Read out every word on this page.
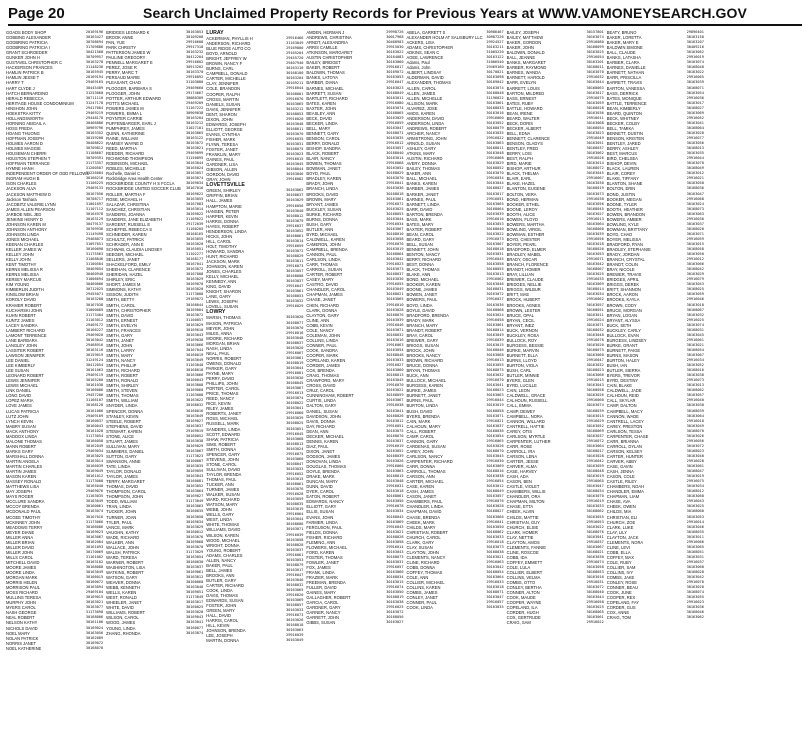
Page 20	Search Unclaimed Property Records for Previous Years at WWW.VAMONEYSEARCH.GOV
GOADS BODY SHOP	20169196
GOBBING ALEXANDER	30163427
GODBRING PATRICIA	30708694
GODBRING PATRICIA I	31709886
GRANT SCHROEDER	30421568
GUNKER JOHN H	30709957
GUSTAVEL CHRISTOPHER C	30163278
HACKERSON FRANCES	31148236
HAMLIN PATRICK B	30165945
HAMLIN JESSE T	20169194
HARRY T	29469165
HART CLYDE J	30445409
HATCH BERNARDINO	31253060
HERALD REBECCA	30711110
HERITAGE HOUSE CONDOMINIUM	31247178
HINSHON JOHN	29417084
HOEKSTRA KITTY	29469219
HOLLANDSWORTH	29448178
HORNING ABIGAIL A	30466886
HOSS FREDA	30969796
HOANG THUONG	30163352
HOFFMAN JOSEPH	30159208
HOLMES AARON D	30408622
HOLMES MAGGIE	30709812
HOUSEMAN CHERRI	31108607
HOUSTON STEPHEN T	30709391
HOFFMAN TERRANCE	31173357
HYMNE HANH	31200507
INDEPENDENT ORDER OF ODD FELLOWS
31226084
INGRAM HUGH B	30166216
ISON CHARLES	31106225
JACKSON ALVA	29469133
JACKSON MATTHEW D	30167056
Jackson Tashara	30708717
JACOBITZ VALERIE LYNN	31001697
JAMES ALLEN PEARSON	31107112
JARBOE NEIL JED	30164978
JENKINS HENRY D	30163129
JOHNSON KAREN M	30479137
JOHNSON ANTHONY	30709936
JOHNSON LINDA	31149498
JONES MICHAEL	29468873
KEENAN CHARLES	31097651
KELLER JAMES W	30160098
KELLEY JOHN	31175563
KELLY JOHN	31468846
KENT TIMOTHY	31100504
KERNS MELISSA R	30469054
KERNS MELISSA	30460940
KERSEY MARCUS	31006694
KIM YOUNG	30460006
KIMBERLIN JUDITH	30712025
KINSLOW BRIAN	29455071
KOROLY DAVID	30163208
KRAMER ROBERT	30167038
KUCHARSKI JOHN	31000089
KUHN ROBERT	31173404
KUNTZ JAMES	31163012
LACEY SANDRA	29469172
LAMBERT RICHARD	30166227
LAMONT TERRENCE	29469020
LANE BARBARA	30163042
LANGLEY JOHN	29468916
LASSITER ROBERT	30163116
LAWSON JENNIFER	30159019
LEE DANIEL	31249124
LEE KIMBERLY	30412054
LEE SUSAN	30161063
LEONARD ROBERT	29469119
LEWIS JENNIFER	30165200
LEWIS MICHAEL	30161038
LINK DANIEL	30166006
LONG DAVID	29457206
LOPEZ MARIA	31166107
LOVE JAMES	30168128
LUCAS PATRICIA	30161006
LUTZ JOHN	29469109
LYNCH KEVIN	30160037
MABRY SUSAN	30160043
MACK ANTHONY	30161028
MADDOX LINDA	31173054
MALONE THOMAS	30166058
MANN ROBERT	30162049
MARKS GARY	29469034
MARSHALL DONNA	30163025
MARTIN ANGELA	30163014
MARTIN CHARLES	30166039
MARTIN JAMES	30169049
MASON KAREN	30161012
MASSEY RONALD	31173008
MATTHEWS LISA	30165040
MAY JOSEPH	29469076
MAYS ROGER	31163035
MCCLURE SANDRA	30163049
MCCOY BRENDA	30160061
MCDONALD PAUL	30163074
MCGEE TIMOTHY	30167016
MCKINNEY JOHN	31173066
MEADOWS TERRY	30166086
MEYER DIANE	30169023
MILLER ANNA	30163067
MILLER BRIAN	30162004
MILLER DAVID	30161093
MILLER JOHN	30170069
MILLS CAROL	31161002
MITCHELL DAVID	30163102
MOORE JAMES	30168080
MOORE LINDA	30163049
MORGAN MARK	30166015
MORRIS HELEN	30160072
MORRISON PAUL	30163094
MOSS RICHARD	29469104
MULLINS TERESA	30169015
MURPHY JOHN	30163021
MYERS CAROL	30163077
NASH GEORGE	31173090
NEAL ROBERT	30168006
NELSON KATHY	30161106
NICHOLS DAVID	30169024
NOEL MARY	30163056
NOLAN PATRICK	30162089
NORRIS JANET	30169072
NOEL KATHERINE	30168078
BRIDGES LEONARD K	30163053
BROOK ANNE	30109208
PAN, YUE	29916608
PARK CHRISTY	29917318
PATTERSON JAMES W	30163232
PAULINE GREGORY	30412204
PENNELL MARGARET E	29916602
PEREZ, JOSE R	30913202
PERRY, MARC T	30163370
PERSAUD MARIE	29916092
PLEASANT, CHAD	31103080
PLOGGER, BARBARA S	29469660
PLOGGER, JOHN	29174667
POTTER, ARTHUR EDWARD	30080309
POTTS MICHAEL	29469209
POWERS JAMES M	31167222
POWERS, EMMA L	30909038
POYNTER CARRIE	30163204
PUFFENBARGER, EARL J	30163212
PUMPHREY, JAMES	31027101
QUINN, KATHERINE	30163065
RAINE, WILLIAM	30163122
RAMSEY WAYNE D	30163072
REED, MARTHA	30163021
REEDER, RICHARD	29469099
RICHMOND THOMPSON	31150895
ROBINSON, MICHAEL	30163044
ROBLES, MICHELLE	30165024
Rochelle, Daniel C	30163057
Rockbridge Area Health Center	30163074
ROCKBRIDGE COUNTY H S FCCLA	30169034
ROCKBRIDGE UNITED SOCCER CLUB 30167016
ROLLER, MARTHA F	30169022
ROSE, MICHAEL H	30163055
SALAZAR, CHRISTINA	30167083
SANCHEZ, CHRISTIAN	30163014
SANDERS, JOANNA	30169022
SANDERS, JANE ELIZABETH	31169022
SARGENT, RUSSELL E	29172039
SCHEFFEL REBECCA S	31160205
SCHNEIDER, KAREN	30168165
SCHULTZ, PATRICK	30163055
SCHRADER, ANN E	30163020
SCHWAB, CLAUDIA LINDSEY	30165051
SEEGER, MICHAEL	31102277
SELLERS, JANET	30168177
SHACKELFORD, EMILY	30167041
SHEEHAN, CLARENCE	30163072
SHERIDAN, HAZEL	30167008
SHIRLEY, ERIC	30163029
SHORT, JAMES M	30169070
SIMMONS, KATHY	30163020
SISSON, JUDITH	31173008
SMITH, BETTY	29169072
SMITH, CAROL	30168044
SMITH, CHRISTOPHER	30169004
SMITH, DAVID	30163072
SMITH, ERNEST	31160057
SMITH, EVELYN	30163029
SMITH, FRANCES	30169010
SMITH, GARY	30163043
SMITH, JANET	29169038
SMITH, JOHN	30163066
SMITH, LARRY	30167044
SMITH, MARY	30160019
SMITH, NANCY	30163049
SMITH, PHILLIP	31163040
SMITH, RICHARD	30168018
SMITH, ROBERT	30163066
SMITH, RONALD	30160043
SMITH, SHIRLEY	30163008
SMITH, STEVEN	30169060
SMITH, THOMAS	31163008
SMITH, WILLIAM	30163022
SNYDER, LINDA	30168032
SPENCER, DONNA	30160016
STANLEY, KEVIN	30163049
STEELE, ROBERT	30169027
STEPHENS, DAVID	30163037
STEWART, KAREN	29169019
STONE, ALICE	30160052
STUART, JAMES	30163038
SULLIVAN, MARY	30169029
SUMMERS, DANIEL	30163067
SUTTON, GARY	31173023
SWANSON, ANNE	30160007
TATE, LINDA	30163035
TAYLOR, DONALD	30169059
TAYLOR, JAMES	30163043
TERRY, MARGARET	30160081
THOMAS, DAVID	30163052
THOMPSON, CAROL	30163064
THOMPSON, JOHN	30169027
TODD, WILLIAM	31173049
TRAN, LINDA	30163063
TUCKER, JOHN	30160035
TURNER, JOAN	30163058
TYLER, PAUL	30169034
VANCE, MARK	30163029
VAUGHN, KATHY	30160012
WADE, RICHARD	30163076
WALKER, ANN	30169068
WALLACE, JOHN	30163070
WALSH, PATRICK	31173029
WARD, TERESA	30163054
WARNER, ROBERT	30160030
WASHINGTON, LISA	30163037
WATKINS, ROBERT	30169061
WATSON, GARY	30163012
WEAVER, DONNA	30160068
WEBB, KENNETH	30163046
WELLS, KAREN	30169051
WEST, RONALD	31173049
WHEELER, JANET	30163017
WHITE, DAVID	30160025
WILLIAMS, ROBERT	30163028
WILSON, CAROL	30169043
WOOD, JAMES	30163041
YOUNG, LINDA	30160077
ZHANG, RHONDA	30163074
LURAY
ACKERMAN, PHYLLIS H	29916466
ANDERSON, RICHARD	31163049
BLUE RIDGE AUTO CO	29169000
BOYD, ARNOLD	29165204
BRIGHT, JEFFREY W	29455720
BROWN, NANCY F	29407940
BURNS, CARL	30163110
CAMPBELL, DONALD	30168100
CARTER, MICHELLE	30163204
CLAY, JENNIFER	30169211
COLE, BRANDON	29916044
COOPER, RALPH	30168001
CROSS, MARTIN	29916076
DANIELS, SUSAN	30163065
DAVIS, JENNIFER	30163212
DENT, SHARON	30168053
DIXON, JOHN	29916020
EDWARDS, JOSEPH	30163048
ELLIOTT, GEORGE	30168011
EVANS, CYNTHIA	30163070
FISHER, MARK	29916035
FLYNN, TERESA	30163031
FOSTER, JANET	30168075
FRANKLIN, MARY	30163023
GAINES, PAUL	29916015
GARDNER, LISA	30163045
GIBSON, ALLEN	30168044
GORDON, DAVID	30163046
GRAY, JOHN	29916082
LOVETTSVILLE
GREEN, SHIRLEY	30163062
GRIFFIN, BRIAN	30168037
HALL, JAMES	30163029
HAMPTON, MARIE	29916056
HANSEN, PETER	30163040
HARPER, KEVIN	30168012
HARRIS, DONNA	30163079
HAYES, ROBERT	29916037
HENDERSON, LINDA	30163052
HICKS, JOHN	30168061
HILL, CAROL	30163014
HOLT, TIMOTHY	29916059
HOWARD, SANDRA	30163072
HUNT, RICHARD	30168029
JACKSON, MARK	30163011
JOHNSON, KAREN	29916073
JONES, CHARLES	30163057
KELLY, MICHAEL	30168008
KENNEDY, ANN	30163037
KING, DAVID	29916047
KNIGHT, SHARON	30163061
LANE, GARY	30168053
LEWIS, JOSEPH	30163032
LOVELL, SUSAN	29916029
LOWRY
MARSH, THOMAS	30163020
MASON, PATRICIA	30168077
MEYER, JOHN	30163070
MILES, ANNA	29916016
MOORE, RICHARD	30163048
MORGAN, BRIAN	30168037
NASH, LINDA	30163020
NEAL, PAUL	29916067
NORRIS, ROBERT	30163061
OWENS, DONALD	30168019
PARKER, GARY	30163044
PAYNE, MARY	29916081
PERRY, DAVID	30163030
PHILLIPS, JOHN	30168045
PORTER, CAROL	30163067
PRICE, THOMAS	29916013
REED, NANCY	30163074
RICE, KEVIN	30168022
RILEY, JAMES	30163041
ROBERTS, JANET	29916060
ROSS, MICHAEL	30163039
RUSSELL, MARK	30168025
SANDERS, LINDA	30163051
SCOTT, EDWARD	29916045
SHAW, PATRICIA	30163068
SIMS, ROBERT	30168013
SMITH, DONNA	30163024
SPENCER, GARY	29916075
STEVENS, JOHN	30163060
STONE, CAROL	30168047
SULLIVAN, DAVID	30163033
TAYLOR, BRENDA	29916052
THOMAS, PAUL	30163015
TUCKER, ANN	30168061
TURNER, JAMES	30163076
WALKER, SUSAN	29916028
WARD, RICHARD	30163059
WATSON, MARY	30168035
WEBB, JOHN	30163019
WELLS, GARY	29916064
WEST, LINDA	30163044
WHITE, THOMAS	30168006
WILLIAMS, DAVID	30163071
WILSON, KAREN	29916039
WOOD, MICHAEL	30163058
WRIGHT, DONNA	30168028
YOUNG, ROBERT	30163037
ADAMS, CHARLES	29916061
ALLEN, NANCY	30163053
BAKER, PAUL	30168079
BELL, JAMES	30163017
BROOKS, ANN	29916047
BUTLER, GARY	30163046
CARTER, RICHARD	30168032
COOK, LINDA	30163065
DAVIS, THOMAS	29916020
EDWARDS, SUSAN	30163069
FOSTER, JOHN	30168057
GREEN, MARY	30163033
HALL, DAVID	29916073
HARRIS, CAROL	30163026
HILL, KEVIN	30168018
JOHNSON, BRENDA	30163063
LEE, JOSEPH	29916039
MARTIN, DONNA	30163049
AMDEN, HERMAN J	29998726
ANDREWS, CHRISTINA	30017968
ARNDT, ALEXANDRIA	30468903
ARRIS CAMILLE	29915030
ATKINSON, MARGARET	30163022
AUSTIN CHRISTOPHER	30164083
BAILEY, BRIDGET	30163060
BAKER, ROBERT	29916017
BALDWIN, THOMAS	30169072
BANKS, LATOYA	30163053
BARBER, DIANA	29916047
BARNES, MICHAEL	30163023
BARRETT, SUSAN	30168049
BARTLETT, RICHARD	30163011
BATES, KAREN	29916080
BAXTER, JOHN	30163074
BEASLEY, ANN	30168065
BECK, DAVID	30163029
BECKER, LINDA	29916059
BELL, MARY	30163047
BENNETT, GARY	30168071
BENSON, CAROL	30163035
BERRY, DONALD	29916012
BISHOP, SANDRA	30163057
BLACK, ROBERT	30168040
BLAIR, NANCY	30163014
BOWEN, THOMAS	29916068
BOWMAN, JANET	30163052
BOYD, PAUL	30168029
BRADLEY, KAREN	30163070
BRADY, JOHN	29916041
BRANCH, LINDA	30163036
BROOKS, DAVID	30168018
BROWN, MARY	30163061
BRYANT, JAMES	29916072
BUCKLEY, SUSAN	30163025
BURKE, RICHARD	30168053
BURNS, DONNA	30163044
BUSH, GARY	29916034
BUTLER, ANN	30163067
BYRD, MICHAEL	30168010
CALDWELL, KAREN	30163058
CAMERON, JOHN	29916076
CAMPBELL, BRENDA	30163019
CANNON, PAUL	30168064
CARLSON, LINDA	30163042
CARR, THOMAS	29916023
CARROLL, SUSAN	30163073
CARTER, ROBERT	30168037
CASEY, MARY	30163030
CASTRO, DAVID	29916055
CHANDLER, CAROL	30163049
CHAPMAN, JAMES	30168021
CHASE, JANET	30163065
CHEN, RICHARD	29916010
CLARK, DONNA	30163028
CLAYTON, GARY	30168076
CLINE, ANN	30163039
COBB, KEVIN	29916046
COLE, NANCY	30163071
COLEMAN, JOHN	30168032
COLLINS, LINDA	30163016
CONNER, PAUL	29916063
COOK, SANDRA	30163054
COOPER, MARK	30168048
COPELAND, KAREN	30163033
CORDER, JAMES	29916027
COX, BRENDA	30163060
CRAIG, THOMAS	30168013
CRAWFORD, MARY	30163045
CROSS, DAVID	29916070
CRUZ, CAROL	30163022
CUNNINGHAM, ROBERT	30168059
CURTIS, LINDA	30163067
DALTON, GARY	29916038
DANIEL, SUSAN	30163041
DAVIDSON, JOHN	30168026
DAVIS, DONNA	30163012
DAY, RICHARD	29916051
DEAN, ANN	30163075
DECKER, MICHAEL	30168070
DENNIS, KAREN	30163037
DIAZ, PAUL	29916019
DIXON, JANET	30163052
DODSON, JAMES	30168039
DONOVAN, LINDA	30163026
DOUGLAS, THOMAS	29916066
DOYLE, BRENDA	30163063
DRAKE, MARK	30168015
DUNCAN, MARY	30163048
DUNN, DAVID	29916031
DYER, CAROL	30163018
EATON, ROBERT	30168061
EDWARDS, NANCY	30163056
ELLIOTT, GARY	29916078
ELLIS, SUSAN	30163034
EVANS, JOHN	30168045
FARMER, LINDA	30163069
FERGUSON, PAUL	29916043
FIELDS, DONNA	30163021
FISHER, RICHARD	30168028
FLEMING, ANN	30163058
FLOWERS, MICHAEL	29916014
FORD, KAREN	30163043
FOSTER, THOMAS	30168073
FOWLER, JANET	30163031
FOX, JAMES	29916057
FRANK, LINDA	30163066
FRAZIER, MARK	30168034
FREEMAN, BRENDA	30163015
FULLER, DAVID	29916074
GAINES, MARY	30163050
GALLAGHER, ROBERT	30168019
GARCIA, CAROL	30163038
GARDNER, GARY	29916025
GARNER, NANCY	30163072
GARRETT, JOHN	30168056
GIBBS, SUSAN	30163027
ABELA, GARRETT S	30986467
ALEXANDER HOLM AT SALISBURY LLC 30987226
ACKERS, LISA	29924527
ADAMS, CHRISTOPHER	30163211
ADKINS, SEAN C	31005220
AGEE, LAWRENCE	30163122
Adams, Paul	31006540
Adams, John	29469160
ALBERT, LINDSAY	30170021
ALDERMAN, DAVID	30163098
ALEXANDER, THOMAS	30169042
ALLEN, CAROL	30163074
ALLEN, JAMES	30168048
ALLEN, MICHELLE	31196022
ALLISON, MARK	30163061
ALVAREZ, JOSE	30168033
AMOS, KAREN	30163016
ANDERSON, DAVID	29916060
ANDERSON, LINDA	30163052
ANDREWS, ROBERT	30168079
ARCHER, NANCY	30163035
ARMSTRONG, JOHN	29916022
ARNOLD, SUSAN	30163063
ASHLEY, GARY	30168011
ATKINS, MARY	30163048
AUSTIN, RICHARD	29916068
AVERY, DONNA	30163029
BAILEY, THOMAS	30168052
BAKER, ANN	30163070
BALL, MICHAEL	29916034
BANKS, KAREN	30163044
BARBER, JAMES	30168027
BARKER, JANET	30163017
BARNES, PAUL	29916051
BARNETT, LINDA	30163065
BARR, DAVID	30168064
BARTON, BRENDA	30163039
BASS, MARK	29916016
BATES, MARY	30163053
BAXTER, ROBERT	30168040
BEAN, CAROL	30163022
BEARD, GARY	29916073
BELL, SUSAN	30163067
BENNETT, JOHN	30168018
BENTON, NANCY	30163031
BERRY, RICHARD	29916045
BEST, DONNA	30163058
BLACK, THOMAS	30168055
BLAKE, ANN	30163013
BOND, MICHAEL	29916062
BOOKER, KAREN	30163046
BOONE, JAMES	30168031
BOWEN, JANET	30163072
BOWERS, PAUL	29916027
BOYD, LINDA	30163036
BOYLE, DAVID	30168068
BRADFORD, BRENDA	30163024
BRADY, MARK	29916058
BRANCH, MARY	30163061
BRANDT, ROBERT	30168014
BRAY, CAROL	30163049
BREWER, GARY	29916039
BRIGGS, SUSAN	30163015
BROCK, JOHN	30168046
BROOKS, NANCY	30163068
BROWN, RICHARD	29916013
BRUCE, DONNA	30163055
BRYAN, THOMAS	30168075
BUCK, ANN	30163032
BULLOCK, MICHAEL	29916070
BURGESS, KAREN	30163041
BURKE, JAMES	30168023
BURNETT, JANET	30163063
BURNS, PAUL	29916044
BURTON, LINDA	30163019
BUSH, DAVID	30168058
BYERS, BRENDA	30163071
CAIN, MARK	29916021
CALHOUN, MARY	30163037
CALL, ROBERT	30168036
CAMP, CAROL	30163054
CANNON, GARY	29916065
CARDENAS, SUSAN	30163026
CAREY, JOHN	30168070
CARLSON, NANCY	30163045
CARPENTER, RICHARD	29916030
CARR, DONNA	30163069
CARROLL, THOMAS	30168016
CARSON, ANN	30163038
CARTER, MICHAEL	29916054
CASE, KAREN	30163012
CASH, JAMES	30168049
CASON, JANET	30163057
CHAMBERS, PAUL	29916076
CHANDLER, LINDA	30163028
CHAPMAN, DAVID	30168027
CHASE, BRENDA	30163066
CHEEK, MARK	29916041
CHILDS, MARY	30163050
CHRISTIAN, ROBERT	30168062
CHURCH, CAROL	30163033
CLARK, GARY	29916018
CLAY, SUSAN	30163073
CLAYTON, JOHN	30168038
CLEMENTS, NANCY	30163021
CLINE, RICHARD	29916063
COBB, DONNA	30163042
COFFEY, THOMAS	30168054
COLE, ANN	30163064
COLLIER, MICHAEL	29916033
COLLINS, KAREN	30163018
COMBS, JAMES	30168071
CONLEY, JANET	30163047
CONNER, PAUL	29916057
COOK, LINDA	30163035
BAILEY, JOSEPH	30157801
BAILEY, MATTHEW	30163074
BAKER, GORDON	29916080
BAKER, JOHN	30168099
BALDWIN, DONALD	30163025
BALL, JEANNE	29916054
BANKS, MARGARET	30163201
BARBER, RAYMOND	30168011
BARNES, WANDA	30163070
BARNETT, HAROLD	29916032
BARR, EVELYN	30163044
BARRETT, LOUIS	30168063
BARTON, MILDRED	30163017
BASS, ERNEST	29916075
BATES, RUBY	30163059
BATTLE, HOWARD	30168028
BEAN, IRENE	30163036
BEARD, WALTER	29916011
BECK, DORIS	30163068
BECKER, ALBERT	30168054
BELL, EDNA	30163023
BENNETT, CLARENCE	29916049
BENSON, GLADYS	30163051
BENTLEY, FRED	30168037
BERRY, LOIS	30163062
BEST, RALPH	29916026
BIRD, MARIE	30163014
BISHOP, ARTHUR	30168072
BLACK, THELMA	30163045
BLAIR, EARL	29916067
BLAKE, HAZEL	30163030
BLANTON, EUGENE	30168019
BOLTON, VERA	30163073
BOND, HERMAN	29916038
BOOKER, ETHEL	30163056
BOONE, LEROY	30168045
BOOTH, ALICE	30163027
BOWEN, FLOYD	29916013
BOWERS, MARTHA	30163064
BOWLING, VIRGIL	30168060
BOWMAN, ESTHER	30163039
BOYD, CHESTER	29916056
BOYER, PEARL	30163018
BRADFORD, ELMER	30168026
BRADLEY, MABEL	30163053
BRADY, OSCAR	29916071
BRANCH, FLORENCE	30163042
BRANDT, HOMER	30168067
BRAY, LILLIAN	30163025
BREWER, CLAUDE	29916035
BRIDGES, NELLIE	30163069
BRIGGS, WILBUR	30168014
BRITT, MAE	30163034
BROCK, HUBERT	29916062
BROOKS, AGNES	30163057
BROWN, LESTER	30168051
BRUCE, OPAL	30163011
BRYAN, CECIL	29916024
BRYANT, INEZ	30163071
BUCK, VERNON	30168032
BUCKLEY, ROSA	30163048
BULLOCK, ROY	29916078
BURGESS, BESSIE	30163020
BURKE, MARVIN	30168075
BURNETT, ELLA	30163060
BURNS, LLOYD	29916047
BURTON, VIOLA	30163032
BUSH, CARL	30168023
BUTLER, MINNIE	30163066
BYERS, GLEN	29916015
BYRD, LUCILLE	30163043
CAIN, LEON	30168058
CALDWELL, GRACE	30163026
CALHOUN, RUSSELL	29916060
CALL, EMMA	30163074
CAMP, DEWEY	30168039
CAMPBELL, NORA	30163015
CANNON, WILLARD	29916029
CANTRELL, HATTIE	30163052
CAREY, OTIS	30168069
CARLSON, MYRTLE	30163037
CARPENTER, LUTHER	29916072
CARR, ROSE	30163064
CARROLL, IRA	30168017
CARSON, LENA	30163028
CARTER, JESSE	29916042
CARVER, ALMA	30163059
CASE, HARVEY	30168048
CASH, ADA	30163019
CASON, BEN	29916065
CASTLE, VIOLET	30163047
CHAMBERS, WILLIS	30168034
CHANDLER, ORA	30163070
CHAPMAN, MILTON	29916019
CHASE, ETTA	30163033
CHEEK, ALVIN	30168062
CHILDS, MATTIE	30163055
CHRISTIAN, GUY	29916053
CHURCH, ELSIE	30163022
CLARK, HOMER	30168076
CLAY, NETTIE	30163041
CLAYTON, AMOS	29916037
CLEMENTS, FANNIE	30163067
CLINE, ROSCOE	30168021
COBB, IDA	30163030
COFFEY, EMMETT	29916074
COLE, LULA	30163058
COLLIER, ELBERT	30168053
COLLINS, VELMA	30163016
COMBS, OTTO	29916031
CONLEY, BERTHA	30163072
CONNER, ALTON	30168040
COOK, MAUDE	30163044
COOPER, WAYNE	29916058
COPELAND, ILA	30163025
CORDER, HUGH	30168065
COX, GERTRUDE	30163061
CRAIG, SAM	29916022
BEATY, BRUNO	29896401
BAKER, LORETTA	30163158
BAKER, MARY E	30163207
BALDWIN SIMONE	30409216
BALL, CLAUDE	30163062
BANKS, LATASHA	29916019
BARBER, CLARA	30163074
BARNES, DANIELLE	30168048
BARNETT, NATHAN	30163022
BARR, PRISCILLA	29916065
BARRETT, TRAVIS	30163039
BARTON, VANESSA	30168071
BASS, DERRICK	30163054
BATES, MONIQUE	29916036
BATTLE, TERRENCE	30163017
BEAN, KIMBERLY	30168027
BEARD, QUINTON	30163069
BECK, WHITNEY	29916052
BECKER, COLBY	30163041
BELL, TAMIKA	30168064
BENNETT, DUSTIN	30163028
BENSON, KRISTEN	29916077
BENTLEY, JARED	30163056
BERRY, ASHLEY	30168013
BEST, MARCUS	30163035
BIRD, CHELSEA	29916044
BISHOP, DEVIN	30163070
BLACK, LAUREN	30168049
BLAIR, COREY	30163012
BLAKE, TIFFANY	29916021
BLANTON, SHANE	30163058
BOLTON, ERIN	30168036
BOND, JUSTIN	30163047
BOOKER, MEGAN	29916068
BOONE, TYLER	30163024
BOOTH, HEATHER	30168073
BOWEN, BRANDON	30163063
BOWERS, AMBER	29916030
BOWLING, KYLE	30163037
BOWMAN, BRITTANY	30168020
BOYD, CHAD	30163071
BOYER, MELISSA	29916059
BRADFORD, RYAN	30163015
BRADLEY, STEPHANIE	30168058
BRADY, JORDAN	30163050
BRANCH, CRYSTAL	29916012
BRANDT, COLIN	30163066
BRAY, NICOLE	30168042
BREWER, TRAVIS	30163029
BRIDGES, APRIL	29916079
BRIGGS, DEREK	30163043
BRITT, SHANNON	30168025
BROCK, AARON	30163059
BROOKS, KAYLA	29916046
BROWN, CODY	30163018
BRUCE, MORGAN	30168067
BRYAN, LOGAN	30163032
BRYANT, ALYSSA	29916025
BUCK, SETH	30163074
BUCKLEY, CARLY	30168031
BULLOCK, EVAN	30163045
BURGESS, LINDSEY	29916061
BURKE, GRANT	30163021
BURNETT, PAIGE	30168054
BURNS, MASON	30163067
BURTON, HALEY	29916034
BUSH, IAN	30163052
BUTLER, SIERRA	30168016
BYERS, TREVOR	30163038
BYRD, DESTINY	29916073
CAIN, BLAKE	30163013
CALDWELL, JADE	30168062
CALHOUN, REID	30163057
CALL, SKYLAR	29916040
CAMP, DALTON	30163030
CAMPBELL, MACY	30168039
CANNON, WADE	30163064
CANTRELL, LACEY	29916018
CAREY, PRESTON	30163049
CARLSON, TESSA	30168070
CARPENTER, CHASE	30163026
CARR, BRIANNA	29916056
CARROLL, DYLAN	30163072
CARSON, KELSEY	30168023
CARTER, HUNTER	30163040
CARVER, ABBY	29916028
CASE, GAVIN	30163061
CASH, JENNA	30168047
CASON, COLE	30163019
CASTLE, RILEY	29916075
CHAMBERS, NOAH	30163034
CHANDLER, EMMA	30168012
CHAPMAN, LIAM	30163068
CHASE, AVA	29916043
CHEEK, OWEN	30163025
CHILDS, MIA	30168060
CHRISTIAN, ELI	30163053
CHURCH, ZOE	29916014
CLARK, LUKE	30163046
CLAY, LILY	30168035
CLAYTON, JACK	30163011
CLEMENTS, NORA	29916066
CLINE, LEVI	30163065
COBB, ELLA	30168051
COFFEY, MAX	30163031
COLE, RUBY	29916037
COLLIER, SAM	30163060
COLLINS, IVY	30168028
COMBS, JAKE	30163042
CONLEY, ROSE	29916070
CONNER, BEAU	30163020
COOK, JUNE	30168074
COOPER, REX	30163055
COPELAND, FAY	29916023
CORDER, GUS	30163036
COX, ANNE	30168046
CRAIG, TOM	30163062
